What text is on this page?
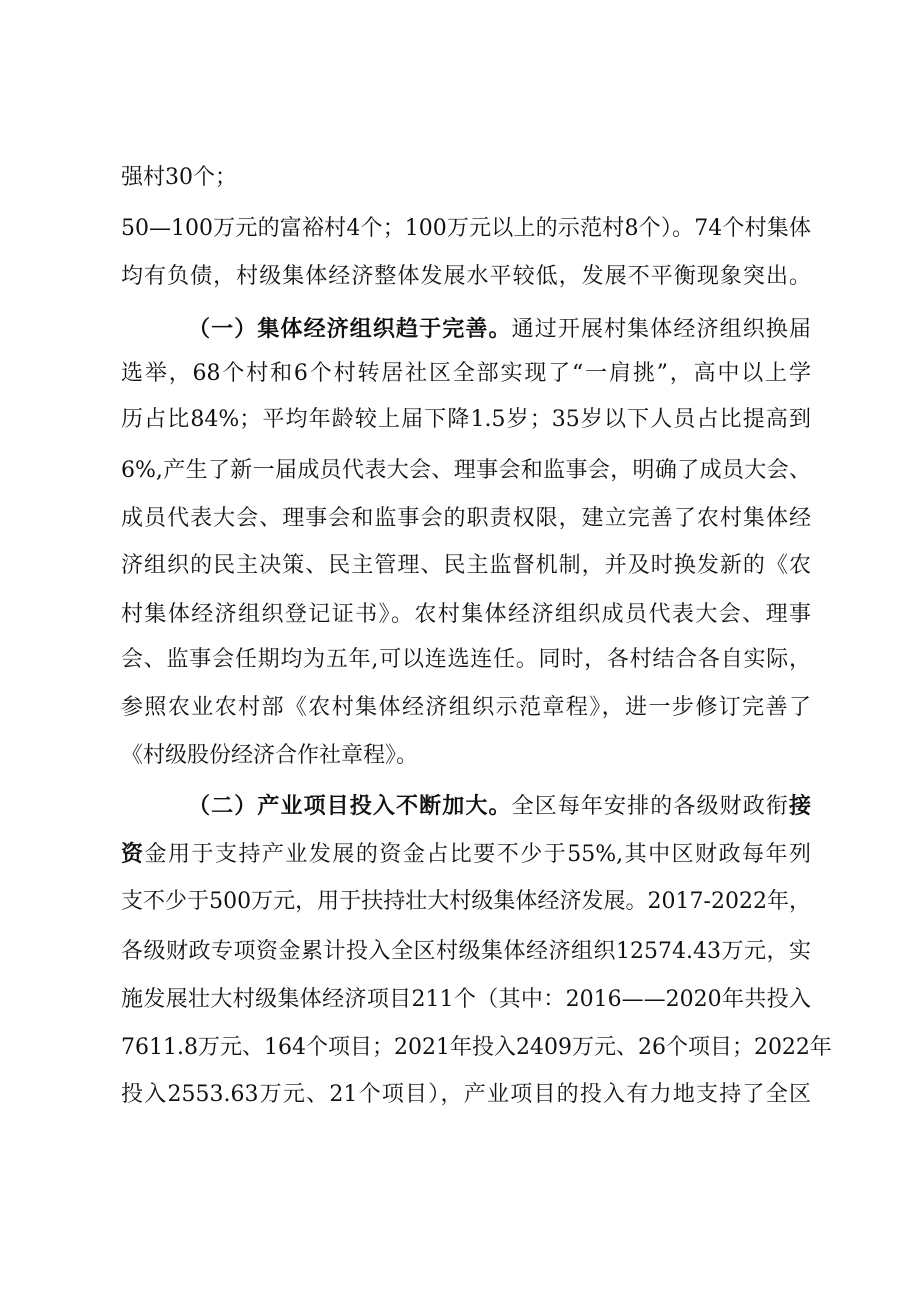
强村30个；
50—100万元的富裕村4个；100万元以上的示范村8个）。74个村集体
均有负债，村级集体经济整体发展水平较低，发展不平衡现象突出。
（一）集体经济组织趋于完善。通过开展村集体经济组织换届
选举，68个村和6个村转居社区全部实现了“一肩挑”，高中以上学
历占比84%；平均年龄较上届下降1.5岁；35岁以下人员占比提高到
6%,产生了新一届成员代表大会、理事会和监事会，明确了成员大会、
成员代表大会、理事会和监事会的职责权限，建立完善了农村集体经
济组织的民主决策、民主管理、民主监督机制，并及时换发新的《农
村集体经济组织登记证书》。农村集体经济组织成员代表大会、理事
会、监事会任期均为五年,可以连选连任。同时，各村结合各自实际，
参照农业农村部《农村集体经济组织示范章程》，进一步修订完善了
《村级股份经济合作社章程》。
（二）产业项目投入不断加大。全区每年安排的各级财政衔接
资金用于支持产业发展的资金占比要不少于55%,其中区财政每年列
支不少于500万元，用于扶持壮大村级集体经济发展。2017-2022年，
各级财政专项资金累计投入全区村级集体经济组织12574.43万元，实
施发展壮大村级集体经济项目211个（其中：2016——2020年共投入
7611.8万元、164个项目；2021年投入2409万元、26个项目；2022年
投入2553.63万元、21个项目），产业项目的投入有力地支持了全区
